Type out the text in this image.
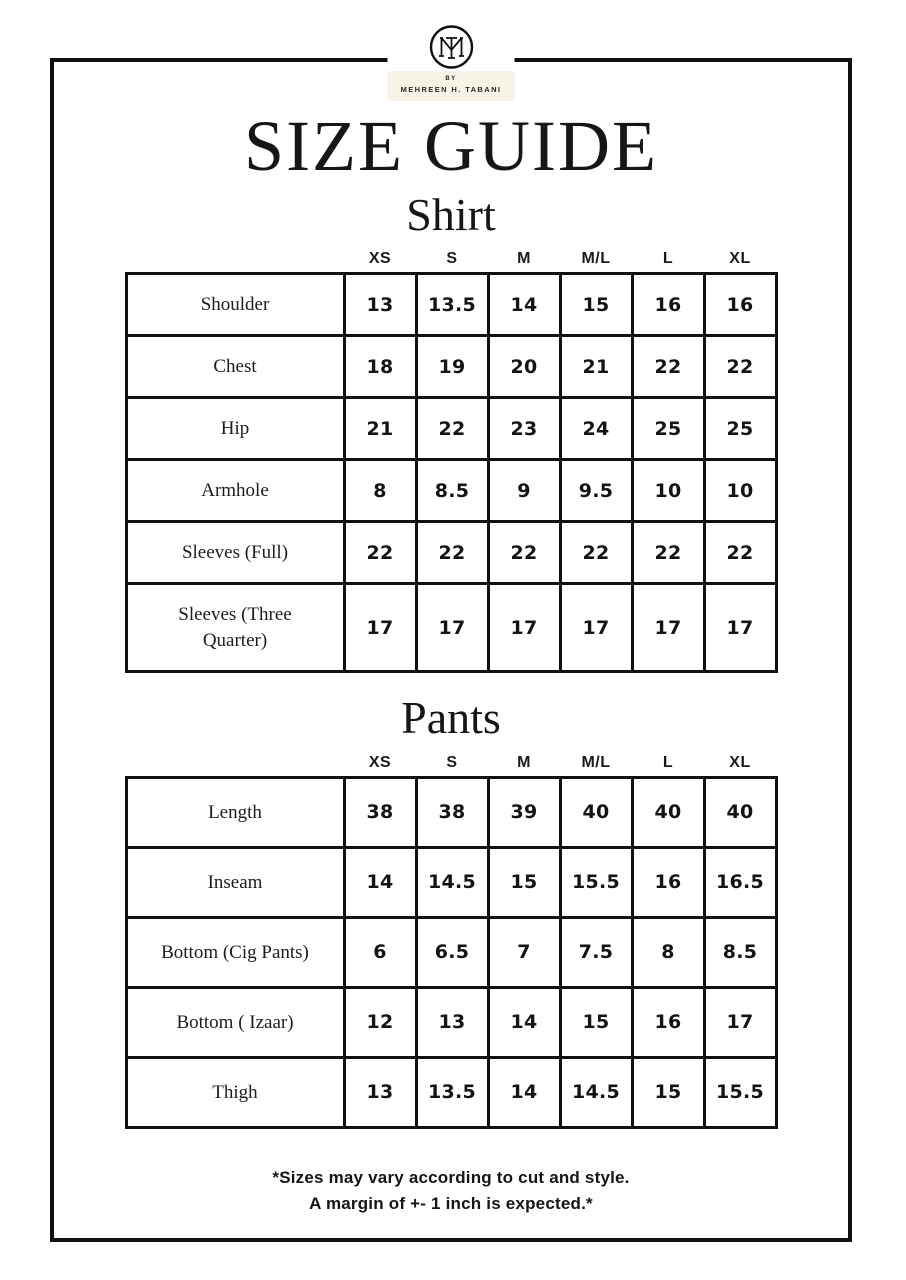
BY
MEHREEN H. TABANI
SIZE GUIDE
Shirt
XS	S	M	M/L	L	XL
Shoulder	13	13.5	14	15	16	16
Chest	18	19	20	21	22	22
Hip	21	22	23	24	25	25
Armhole	8	8.5	9	9.5	10	10
Sleeves (Full)	22	22	22	22	22	22
Sleeves (Three Quarter)	17	17	17	17	17	17
Pants
XS	S	M	M/L	L	XL
Length	38	38	39	40	40	40
Inseam	14	14.5	15	15.5	16	16.5
Bottom (Cig Pants)	6	6.5	7	7.5	8	8.5
Bottom ( Izaar)	12	13	14	15	16	17
Thigh	13	13.5	14	14.5	15	15.5
*Sizes may vary according to cut and style.
A margin of +- 1 inch is expected.*
